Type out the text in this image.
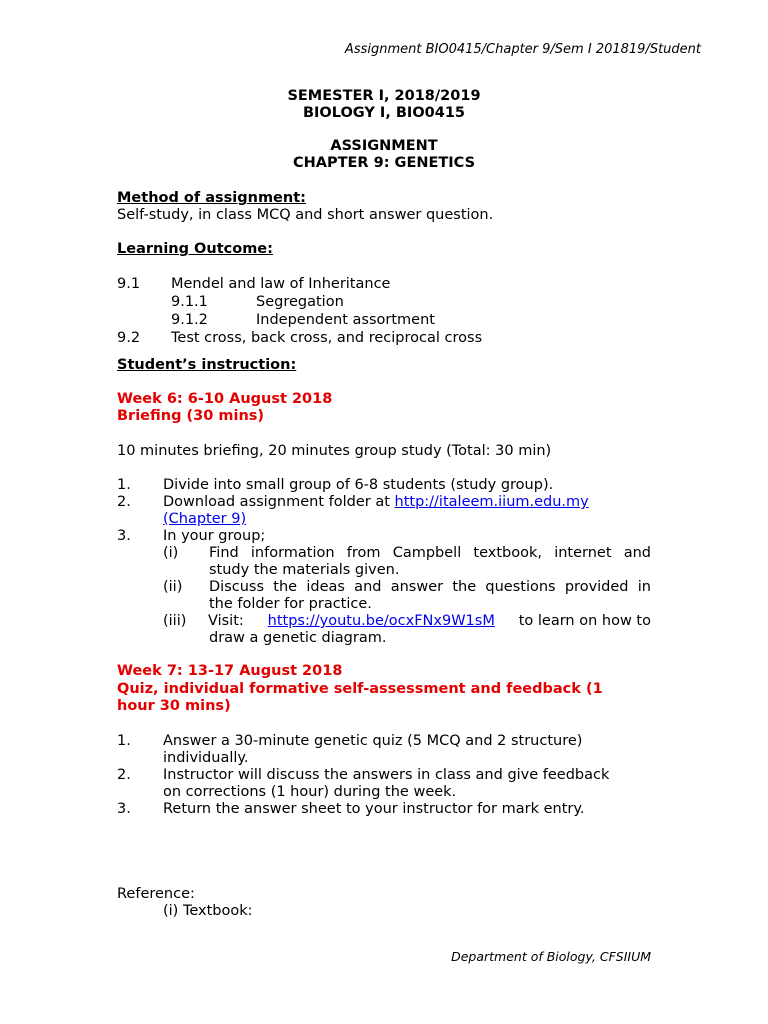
Assignment BIO0415/Chapter 9/Sem I 201819/Student
SEMESTER I, 2018/2019
BIOLOGY I, BIO0415
ASSIGNMENT
CHAPTER 9: GENETICS
Method of assignment:
Self-study, in class MCQ and short answer question.
Learning Outcome:
9.1 Mendel and law of Inheritance
9.1.1	Segregation
9.1.2	Independent assortment
9.2 Test cross, back cross, and reciprocal cross
Student’s instruction:
Week 6: 6-10 August 2018
Briefing (30 mins)
10 minutes briefing, 20 minutes group study (Total: 30 min)
1. Divide into small group of 6-8 students (study group).
2. Download assignment folder at http://italeem.iium.edu.my
(Chapter 9)
3. In your group;
(i) Find information from Campbell textbook, internet and
study the materials given.
(ii) Discuss the ideas and answer the questions provided in
the folder for practice.
(iii) Visit: https://youtu.be/ocxFNx9W1sM to learn on how to
draw a genetic diagram.
Week 7: 13-17 August 2018
Quiz, individual formative self-assessment and feedback (1
hour 30 mins)
1. Answer a 30-minute genetic quiz (5 MCQ and 2 structure)
individually.
2. Instructor will discuss the answers in class and give feedback
on corrections (1 hour) during the week.
3. Return the answer sheet to your instructor for mark entry.
Reference:
(i) Textbook:
Department of Biology, CFSIIUM
